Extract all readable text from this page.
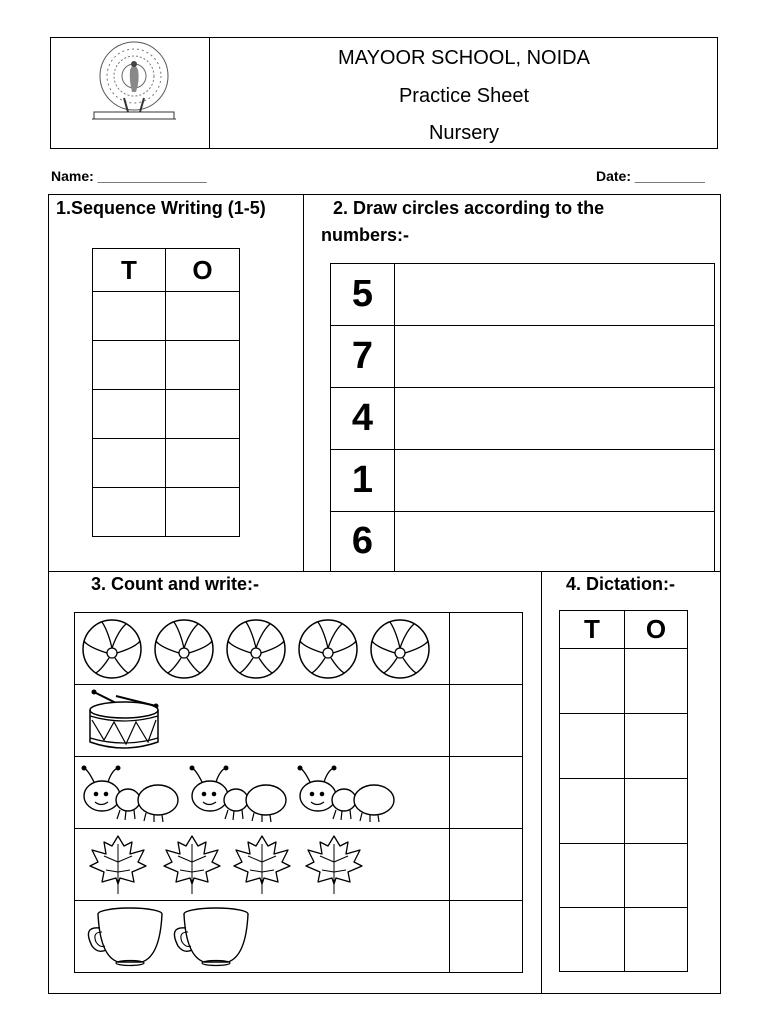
MAYOOR SCHOOL, NOIDA
Practice Sheet
Nursery
Name: ______________	Date: _________
1.Sequence Writing (1-5)
T	O

2. Draw circles according to the
numbers:-
5	
7	
4	
1	
6	
3. Count and write:-

		4. Dictation:-
T	O
